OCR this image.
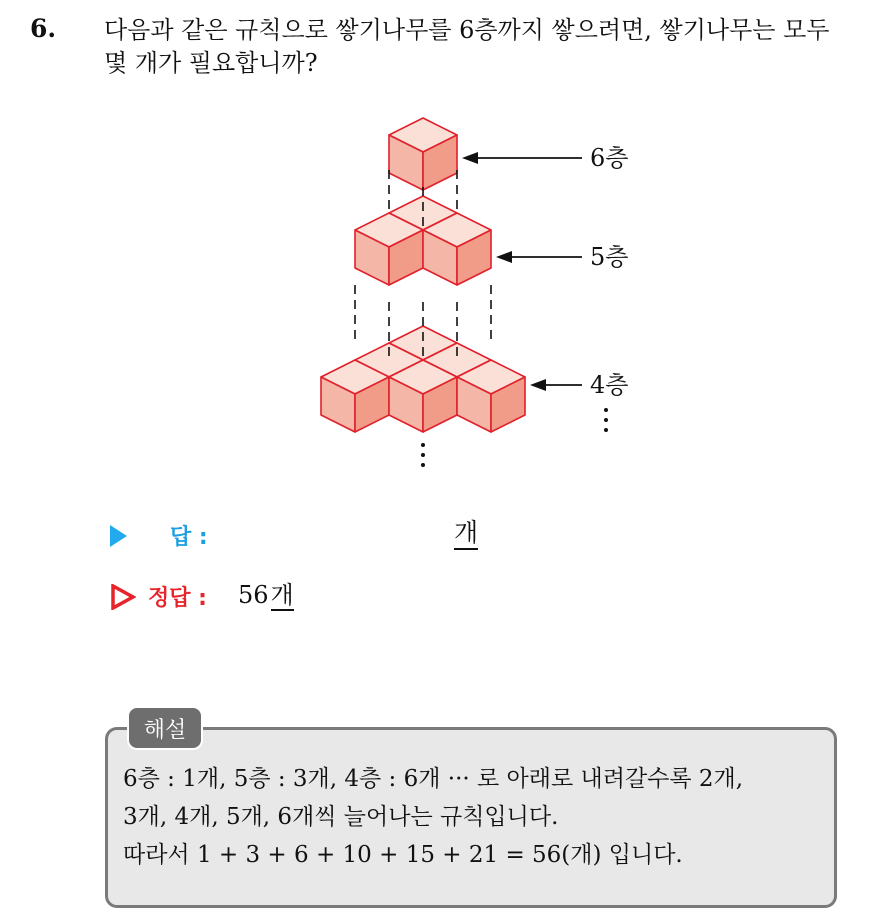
6. 다음과 같은 규칙으로 쌓기나무를 6층까지 쌓으려면, 쌓기나무는 모두
몇 개가 필요합니까?
6층
5층
4층
답 :	개
정답 : 56개
해설
6층 : 1개, 5층 : 3개, 4층 : 6개 ··· 로 아래로 내려갈수록 2개,
3개, 4개, 5개, 6개씩 늘어나는 규칙입니다.
따라서 1 + 3 + 6 + 10 + 15 + 21 = 56(개) 입니다.
